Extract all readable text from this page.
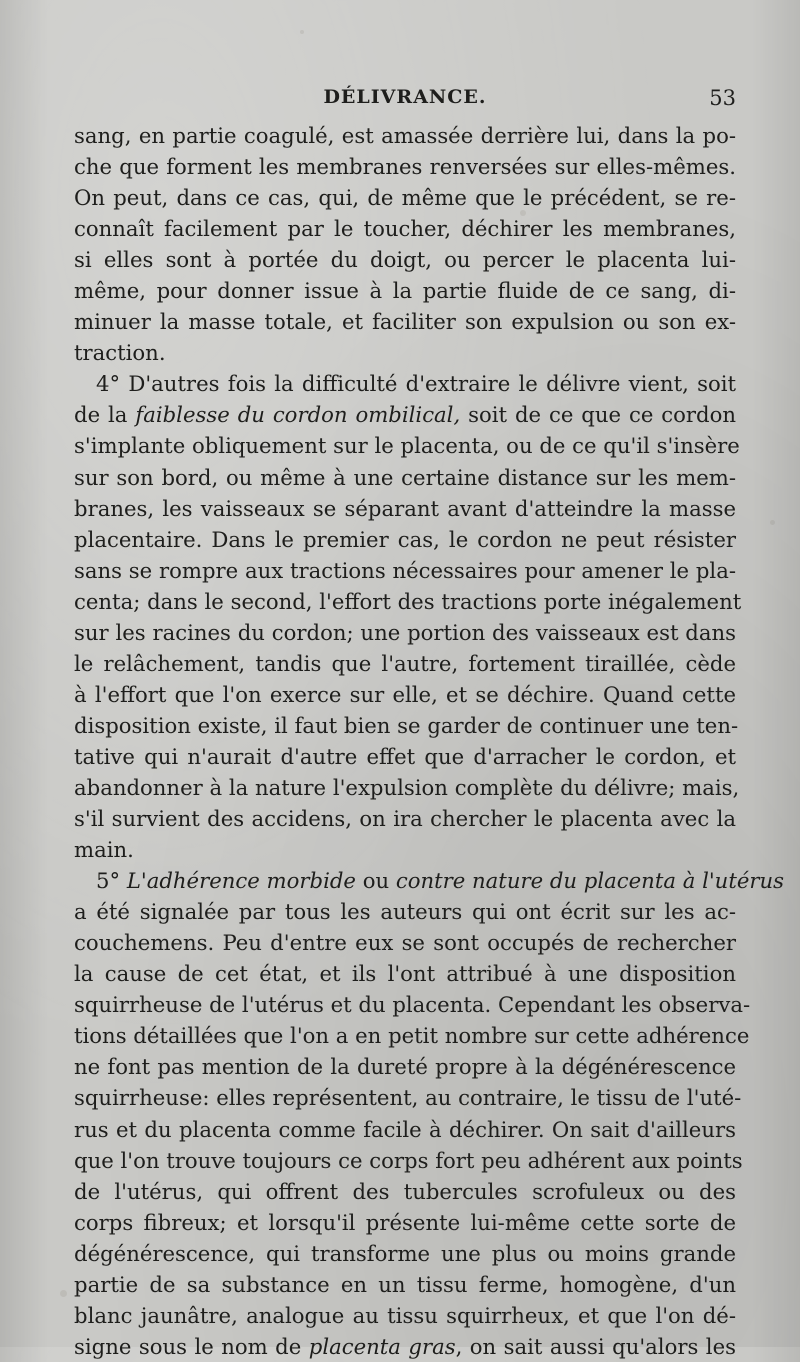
DÉLIVRANCE.	53
sang, en partie coagulé, est amassée derrière lui, dans la po-
che que forment les membranes renversées sur elles-mêmes.
On peut, dans ce cas, qui, de même que le précédent, se re-
connaît facilement par le toucher, déchirer les membranes,
si elles sont à portée du doigt, ou percer le placenta lui-
même, pour donner issue à la partie fluide de ce sang, di-
minuer la masse totale, et faciliter son expulsion ou son ex-
traction.
4° D'autres fois la difficulté d'extraire le délivre vient, soit
de la faiblesse du cordon ombilical, soit de ce que ce cordon
s'implante obliquement sur le placenta, ou de ce qu'il s'insère
sur son bord, ou même à une certaine distance sur les mem-
branes, les vaisseaux se séparant avant d'atteindre la masse
placentaire. Dans le premier cas, le cordon ne peut résister
sans se rompre aux tractions nécessaires pour amener le pla-
centa; dans le second, l'effort des tractions porte inégalement
sur les racines du cordon; une portion des vaisseaux est dans
le relâchement, tandis que l'autre, fortement tiraillée, cède
à l'effort que l'on exerce sur elle, et se déchire. Quand cette
disposition existe, il faut bien se garder de continuer une ten-
tative qui n'aurait d'autre effet que d'arracher le cordon, et
abandonner à la nature l'expulsion complète du délivre; mais,
s'il survient des accidens, on ira chercher le placenta avec la
main.
5° L'adhérence morbide ou contre nature du placenta à l'utérus
a été signalée par tous les auteurs qui ont écrit sur les ac-
couchemens. Peu d'entre eux se sont occupés de rechercher
la cause de cet état, et ils l'ont attribué à une disposition
squirrheuse de l'utérus et du placenta. Cependant les observa-
tions détaillées que l'on a en petit nombre sur cette adhérence
ne font pas mention de la dureté propre à la dégénérescence
squirrheuse: elles représentent, au contraire, le tissu de l'uté-
rus et du placenta comme facile à déchirer. On sait d'ailleurs
que l'on trouve toujours ce corps fort peu adhérent aux points
de l'utérus, qui offrent des tubercules scrofuleux ou des
corps fibreux; et lorsqu'il présente lui-même cette sorte de
dégénérescence, qui transforme une plus ou moins grande
partie de sa substance en un tissu ferme, homogène, d'un
blanc jaunâtre, analogue au tissu squirrheux, et que l'on dé-
signe sous le nom de placenta gras, on sait aussi qu'alors les
